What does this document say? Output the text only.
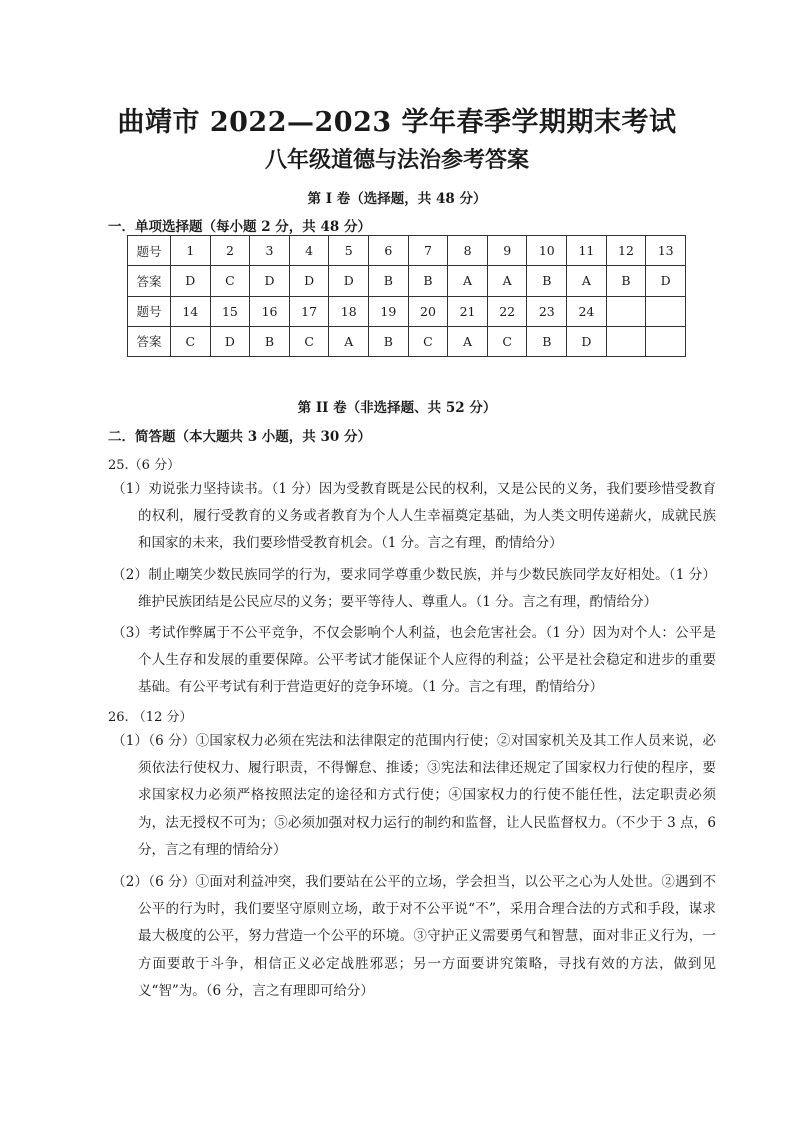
曲靖市 2022—2023 学年春季学期期末考试
八年级道德与法治参考答案
第 I 卷（选择题，共 48 分）
一．单项选择题（每小题 2 分，共 48 分）
题号	1	2	3	4	5	6	7	8	9	10	11	12	13
答案	D	C	D	D	D	B	B	A	A	B	A	B	D
题号	14	15	16	17	18	19	20	21	22	23	24		
答案	C	D	B	C	A	B	C	A	C	B	D		
第 II 卷（非选择题、共 52 分）
二．简答题（本大题共 3 小题，共 30 分）
25.（6 分）
（1）劝说张力坚持读书。（1 分）因为受教育既是公民的权利，又是公民的义务，我们要珍惜受教育的权利，履行受教育的义务或者教育为个人人生幸福奠定基础，为人类文明传递薪火，成就民族和国家的未来，我们要珍惜受教育机会。（1 分。言之有理，酌情给分）
（2）制止嘲笑少数民族同学的行为，要求同学尊重少数民族，并与少数民族同学友好相处。（1 分）维护民族团结是公民应尽的义务；要平等待人、尊重人。（1 分。言之有理，酌情给分）
（3）考试作弊属于不公平竞争，不仅会影响个人利益，也会危害社会。（1 分）因为对个人：公平是个人生存和发展的重要保障。公平考试才能保证个人应得的利益；公平是社会稳定和进步的重要基础。有公平考试有利于营造更好的竞争环境。（1 分。言之有理，酌情给分）
26. （12 分）
（1）（6 分）①国家权力必须在宪法和法律限定的范围内行使；②对国家机关及其工作人员来说，必须依法行使权力、履行职责，不得懈怠、推诿；③宪法和法律还规定了国家权力行使的程序，要求国家权力必须严格按照法定的途径和方式行使；④国家权力的行使不能任性，法定职责必须为，法无授权不可为；⑤必须加强对权力运行的制约和监督，让人民监督权力。（不少于 3 点，6 分，言之有理的情给分）
（2）（6 分）①面对利益冲突，我们要站在公平的立场，学会担当，以公平之心为人处世。②遇到不公平的行为时，我们要坚守原则立场，敢于对不公平说“不”，采用合理合法的方式和手段，谋求最大极度的公平，努力营造一个公平的环境。③守护正义需要勇气和智慧，面对非正义行为，一方面要敢于斗争，相信正义必定战胜邪恶；另一方面要讲究策略，寻找有效的方法，做到见义“智”为。（6 分，言之有理即可给分）
